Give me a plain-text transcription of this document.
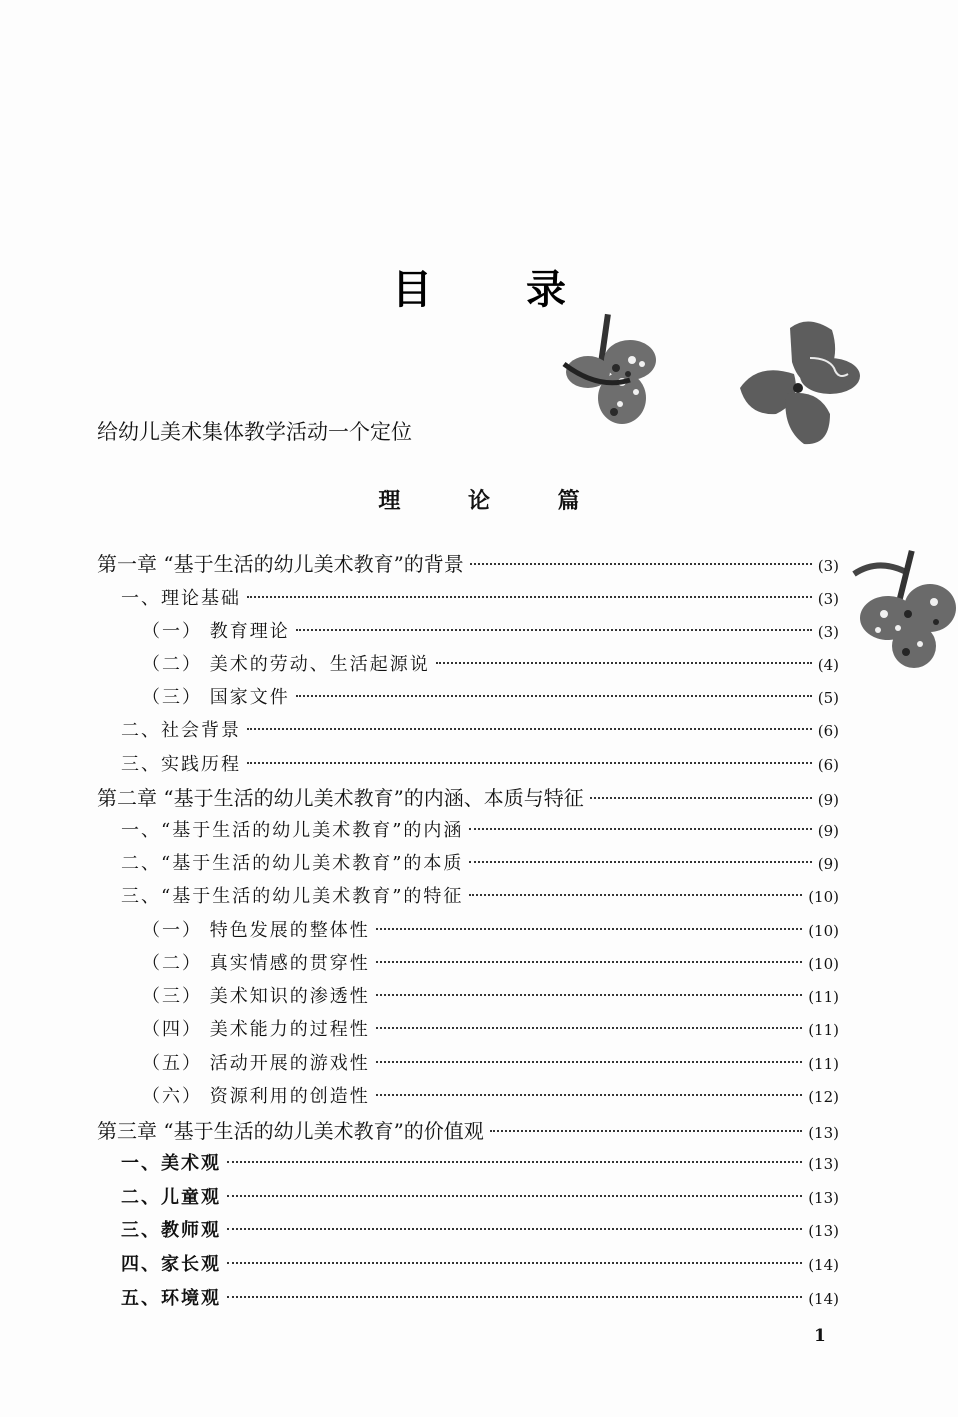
目 录
给幼儿美术集体教学活动一个定位
理 论 篇
第一章 “基于生活的幼儿美术教育”的背景	(3)
一、理论基础	(3)
（一） 教育理论	(3)
（二） 美术的劳动、生活起源说	(4)
（三） 国家文件	(5)
二、社会背景	(6)
三、实践历程	(6)
第二章 “基于生活的幼儿美术教育”的内涵、本质与特征	(9)
一、“基于生活的幼儿美术教育”的内涵	(9)
二、“基于生活的幼儿美术教育”的本质	(9)
三、“基于生活的幼儿美术教育”的特征	(10)
（一） 特色发展的整体性	(10)
（二） 真实情感的贯穿性	(10)
（三） 美术知识的渗透性	(11)
（四） 美术能力的过程性	(11)
（五） 活动开展的游戏性	(11)
（六） 资源利用的创造性	(12)
第三章 “基于生活的幼儿美术教育”的价值观	(13)
一、美术观	(13)
二、儿童观	(13)
三、教师观	(13)
四、家长观	(14)
五、环境观	(14)
1
